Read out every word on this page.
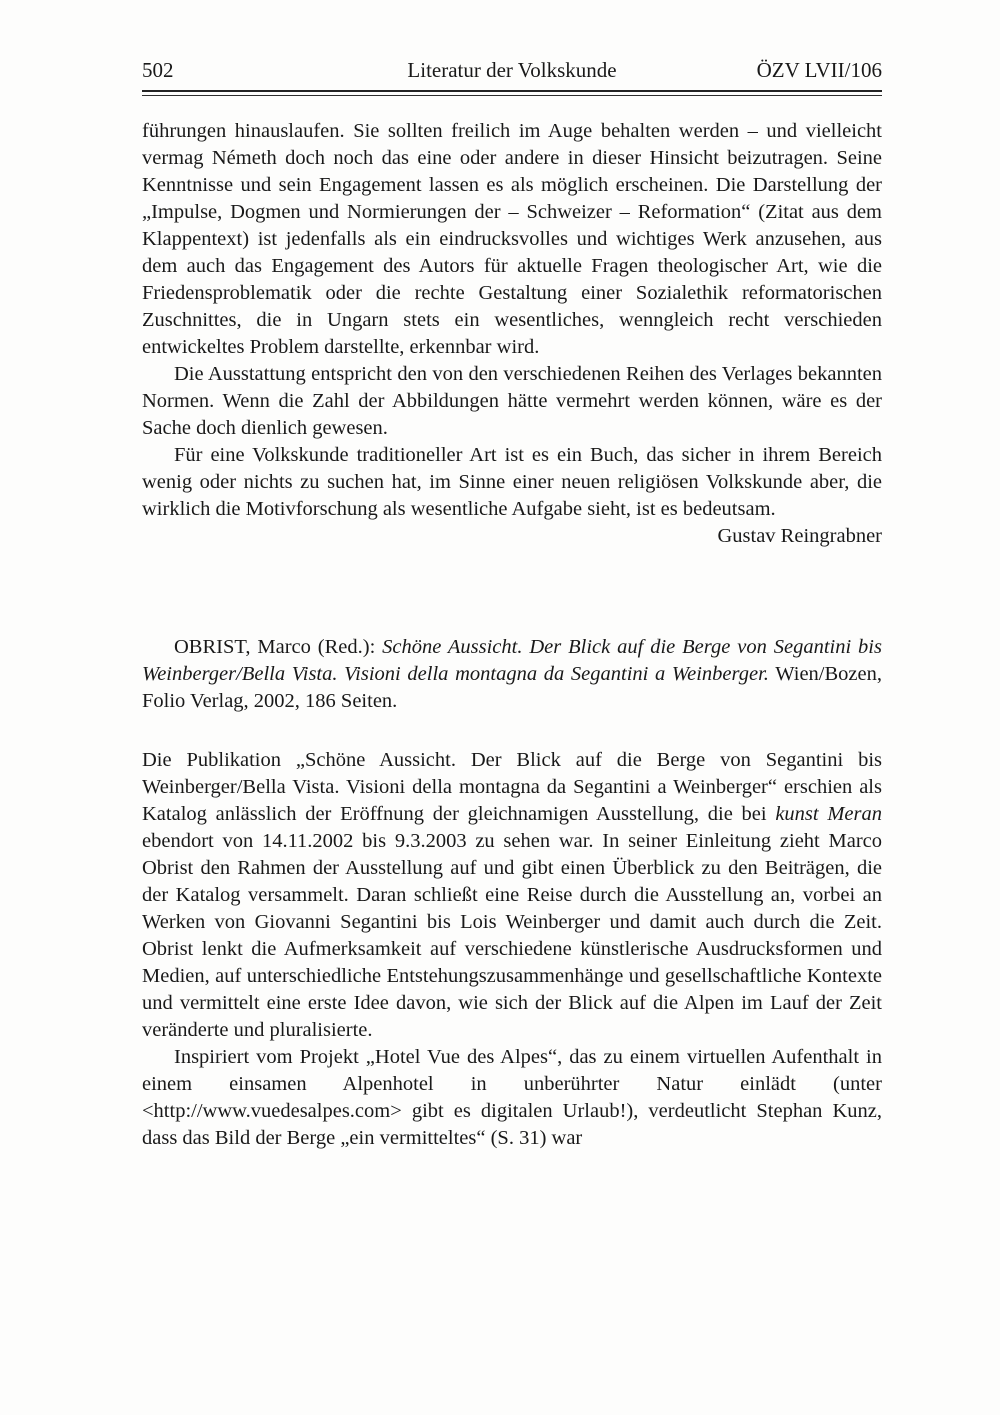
502	Literatur der Volkskunde	ÖZV LVII/106

führungen hinauslaufen. Sie sollten freilich im Auge behalten werden – und vielleicht vermag Németh doch noch das eine oder andere in dieser Hinsicht beizutragen. Seine Kenntnisse und sein Engagement lassen es als möglich erscheinen. Die Darstellung der „Impulse, Dogmen und Normierungen der – Schweizer – Reformation“ (Zitat aus dem Klappentext) ist jedenfalls als ein eindrucksvolles und wichtiges Werk anzusehen, aus dem auch das Engagement des Autors für aktuelle Fragen theologischer Art, wie die Friedensproblematik oder die rechte Gestaltung einer Sozialethik reformatorischen Zuschnittes, die in Ungarn stets ein wesentliches, wenngleich recht verschieden entwickeltes Problem darstellte, erkennbar wird.

Die Ausstattung entspricht den von den verschiedenen Reihen des Verlages bekannten Normen. Wenn die Zahl der Abbildungen hätte vermehrt werden können, wäre es der Sache doch dienlich gewesen.

Für eine Volkskunde traditioneller Art ist es ein Buch, das sicher in ihrem Bereich wenig oder nichts zu suchen hat, im Sinne einer neuen religiösen Volkskunde aber, die wirklich die Motivforschung als wesentliche Aufgabe sieht, ist es bedeutsam.

Gustav Reingrabner

OBRIST, Marco (Red.): Schöne Aussicht. Der Blick auf die Berge von Segantini bis Weinberger/Bella Vista. Visioni della montagna da Segantini a Weinberger. Wien/Bozen, Folio Verlag, 2002, 186 Seiten.

Die Publikation „Schöne Aussicht. Der Blick auf die Berge von Segantini bis Weinberger/Bella Vista. Visioni della montagna da Segantini a Weinberger“ erschien als Katalog anlässlich der Eröffnung der gleichnamigen Ausstellung, die bei kunst Meran ebendort von 14.11.2002 bis 9.3.2003 zu sehen war. In seiner Einleitung zieht Marco Obrist den Rahmen der Ausstellung auf und gibt einen Überblick zu den Beiträgen, die der Katalog versammelt. Daran schließt eine Reise durch die Ausstellung an, vorbei an Werken von Giovanni Segantini bis Lois Weinberger und damit auch durch die Zeit. Obrist lenkt die Aufmerksamkeit auf verschiedene künstlerische Ausdrucksformen und Medien, auf unterschiedliche Entstehungszusammenhänge und gesellschaftliche Kontexte und vermittelt eine erste Idee davon, wie sich der Blick auf die Alpen im Lauf der Zeit veränderte und pluralisierte.

Inspiriert vom Projekt „Hotel Vue des Alpes“, das zu einem virtuellen Aufenthalt in einem einsamen Alpenhotel in unberührter Natur einlädt (unter <http://www.vuedesalpes.com> gibt es digitalen Urlaub!), verdeutlicht Stephan Kunz, dass das Bild der Berge „ein vermitteltes“ (S. 31) war
